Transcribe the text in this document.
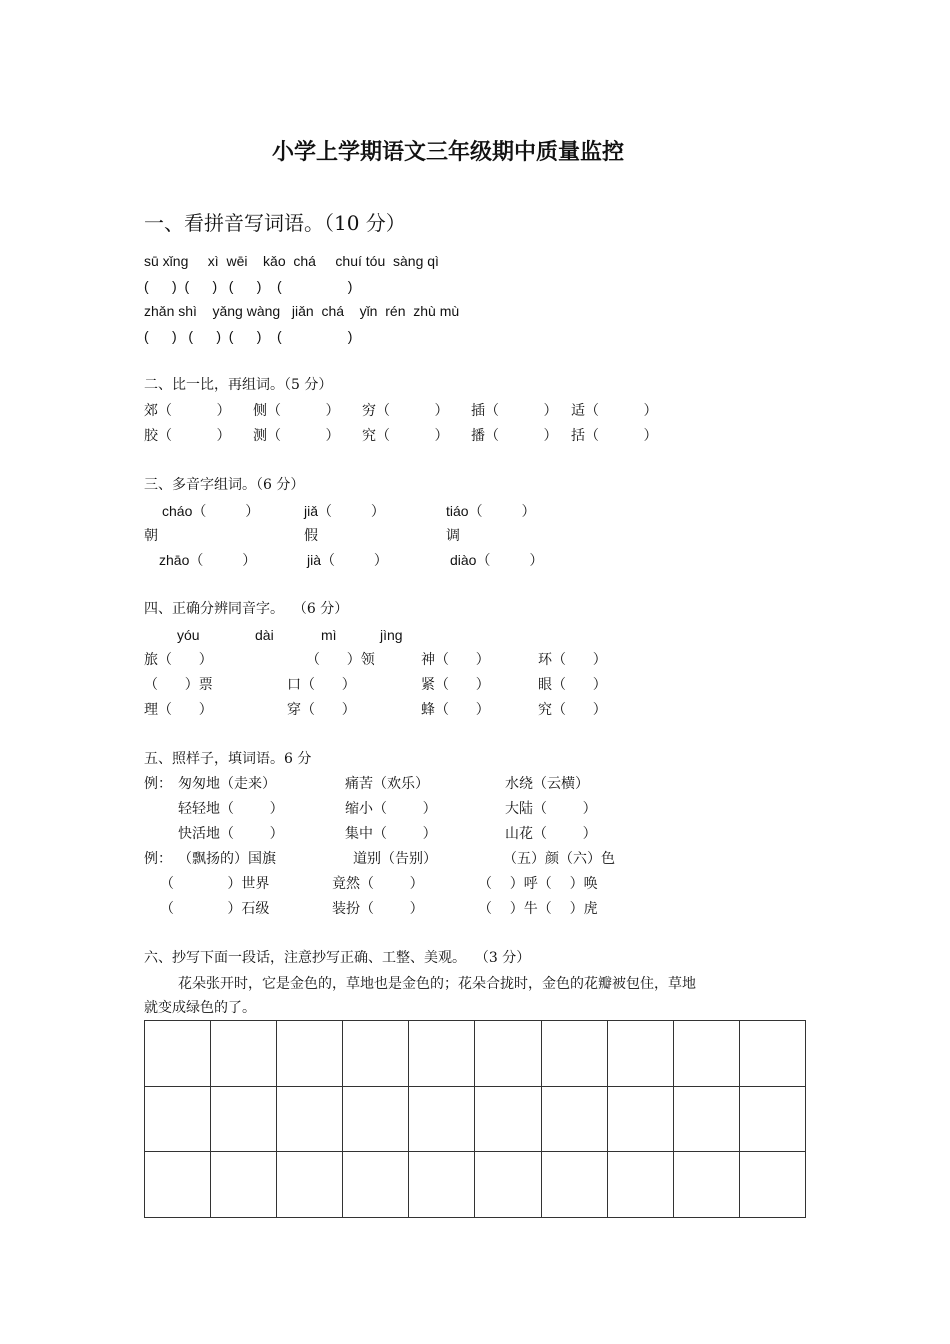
小学上学期语文三年级期中质量监控
一、看拼音写词语。（10 分）
sū xǐng     xì  wēi    kǎo  chá     chuí tóu  sàng qì
(      )  (      )   (      )    (                 )
zhǎn shì    yǎng wàng   jiǎn  chá    yǐn  rén  zhù mù
(      )   (      )  (      )    (                 )
二、比一比，再组词。（5 分）
郊（          ） 侧（          ） 穷（          ） 插（          ） 适（          ）
胶（          ） 测（          ） 究（          ） 播（          ） 括（          ）
三、多音字组词。（6 分）
cháo（          ）	jiǎ（          ）	tiáo（          ）
朝	假	调
zhāo（          ）	jià（          ）	diào（          ）
四、正确分辨同音字。  （6 分）
yóu	dài	mì	jìng
旅（      ）	（      ）领	神（      ）	环（      ）
（      ）票	口（      ）	紧（      ）	眼（      ）
理（      ）	穿（      ）	蜂（      ）	究（      ）
五、照样子，填词语。6 分
例： 匆匆地（走来）	痛苦（欢乐）	水绕（云横）
轻轻地（        ）	缩小（        ）	大陆（        ）
快活地（        ）	集中（        ）	山花（        ）
例： （飘扬的）国旗	道别（告别）	（五）颜（六）色
（            ）世界	竟然（        ）	（    ）呼（    ）唤
（            ）石级	装扮（        ）	（    ）牛（    ）虎
六、抄写下面一段话，注意抄写正确、工整、美观。  （3 分）
花朵张开时，它是金色的，草地也是金色的；花朵合拢时，金色的花瓣被包住，草地
就变成绿色的了。
